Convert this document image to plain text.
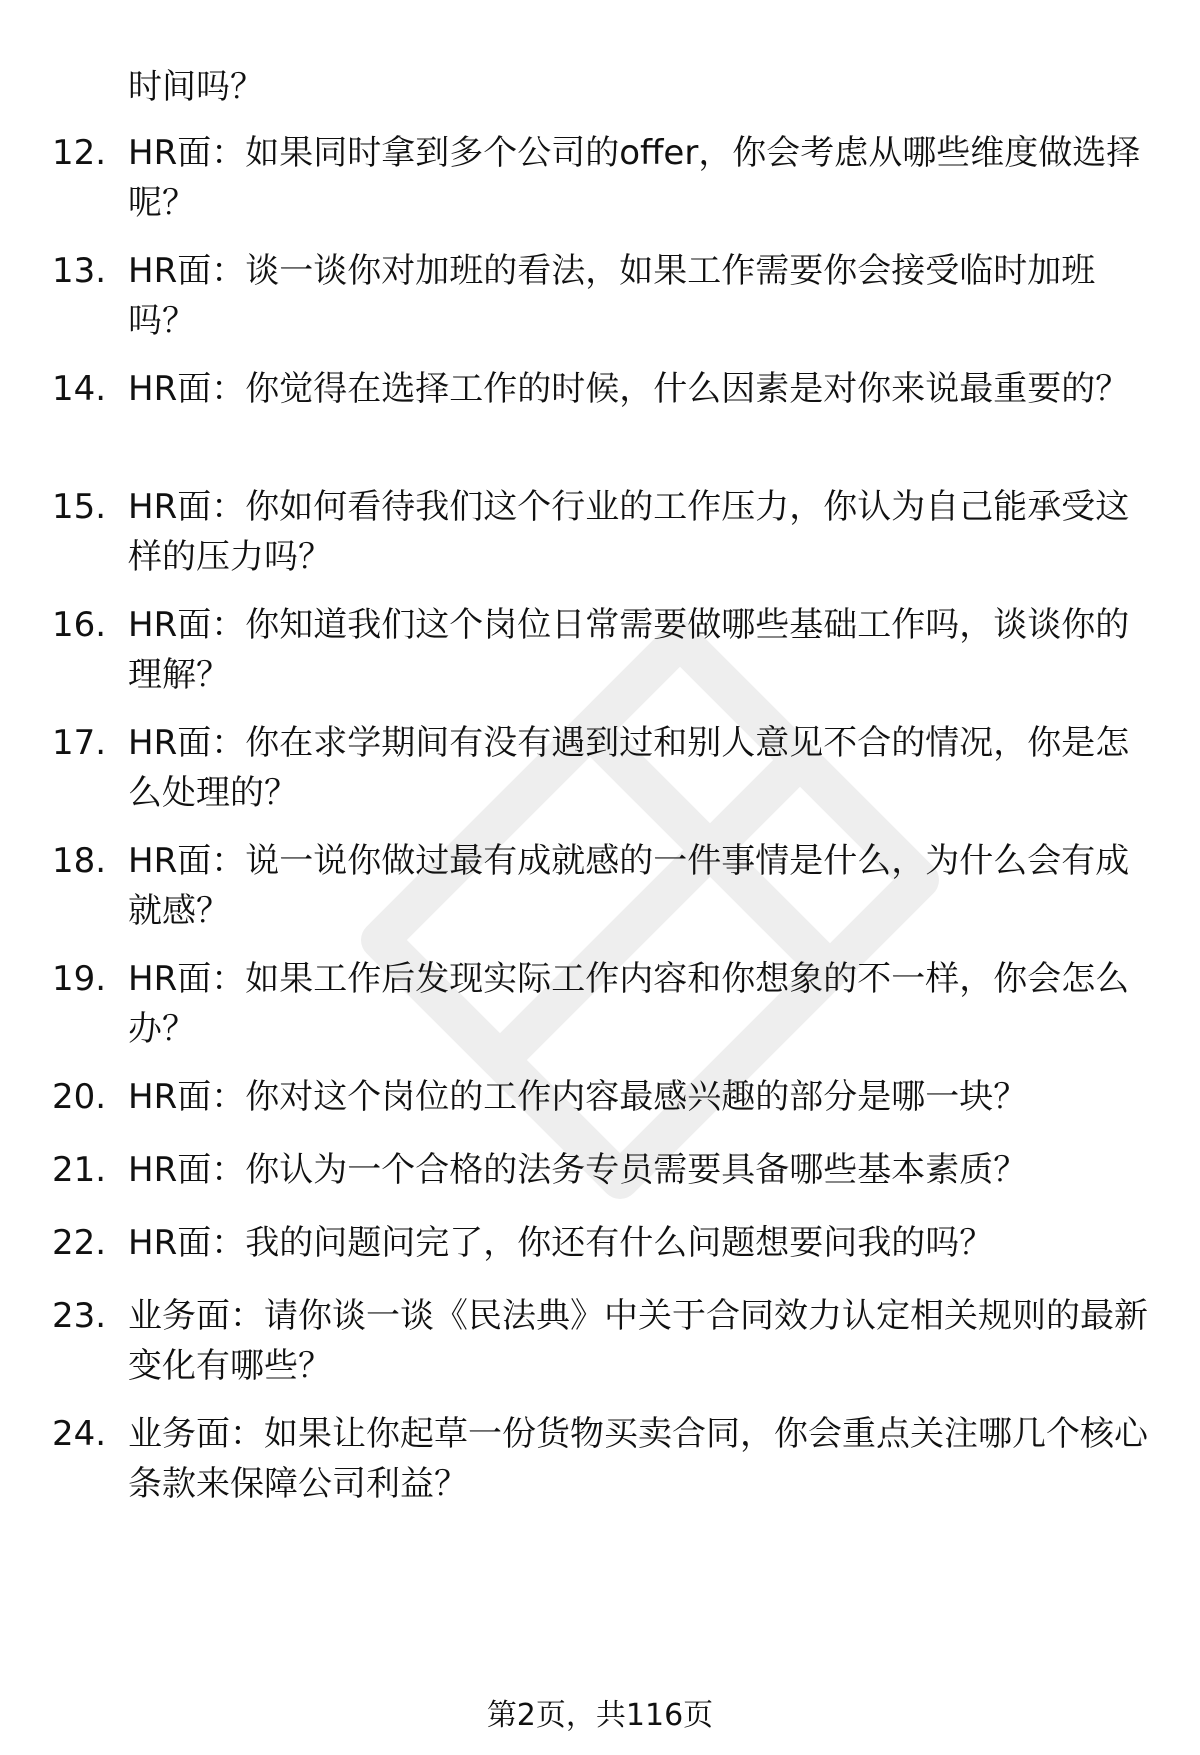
时间吗？
12. HR面：如果同时拿到多个公司的offer，你会考虑从哪些维度做选择呢？
13. HR面：谈一谈你对加班的看法，如果工作需要你会接受临时加班吗？
14. HR面：你觉得在选择工作的时候，什么因素是对你来说最重要的？
15. HR面：你如何看待我们这个行业的工作压力，你认为自己能承受这样的压力吗？
16. HR面：你知道我们这个岗位日常需要做哪些基础工作吗，谈谈你的理解？
17. HR面：你在求学期间有没有遇到过和别人意见不合的情况，你是怎么处理的？
18. HR面：说一说你做过最有成就感的一件事情是什么，为什么会有成就感？
19. HR面：如果工作后发现实际工作内容和你想象的不一样，你会怎么办？
20. HR面：你对这个岗位的工作内容最感兴趣的部分是哪一块？
21. HR面：你认为一个合格的法务专员需要具备哪些基本素质？
22. HR面：我的问题问完了，你还有什么问题想要问我的吗？
23. 业务面：请你谈一谈《民法典》中关于合同效力认定相关规则的最新变化有哪些？
24. 业务面：如果让你起草一份货物买卖合同，你会重点关注哪几个核心条款来保障公司利益？
第2页，共116页
